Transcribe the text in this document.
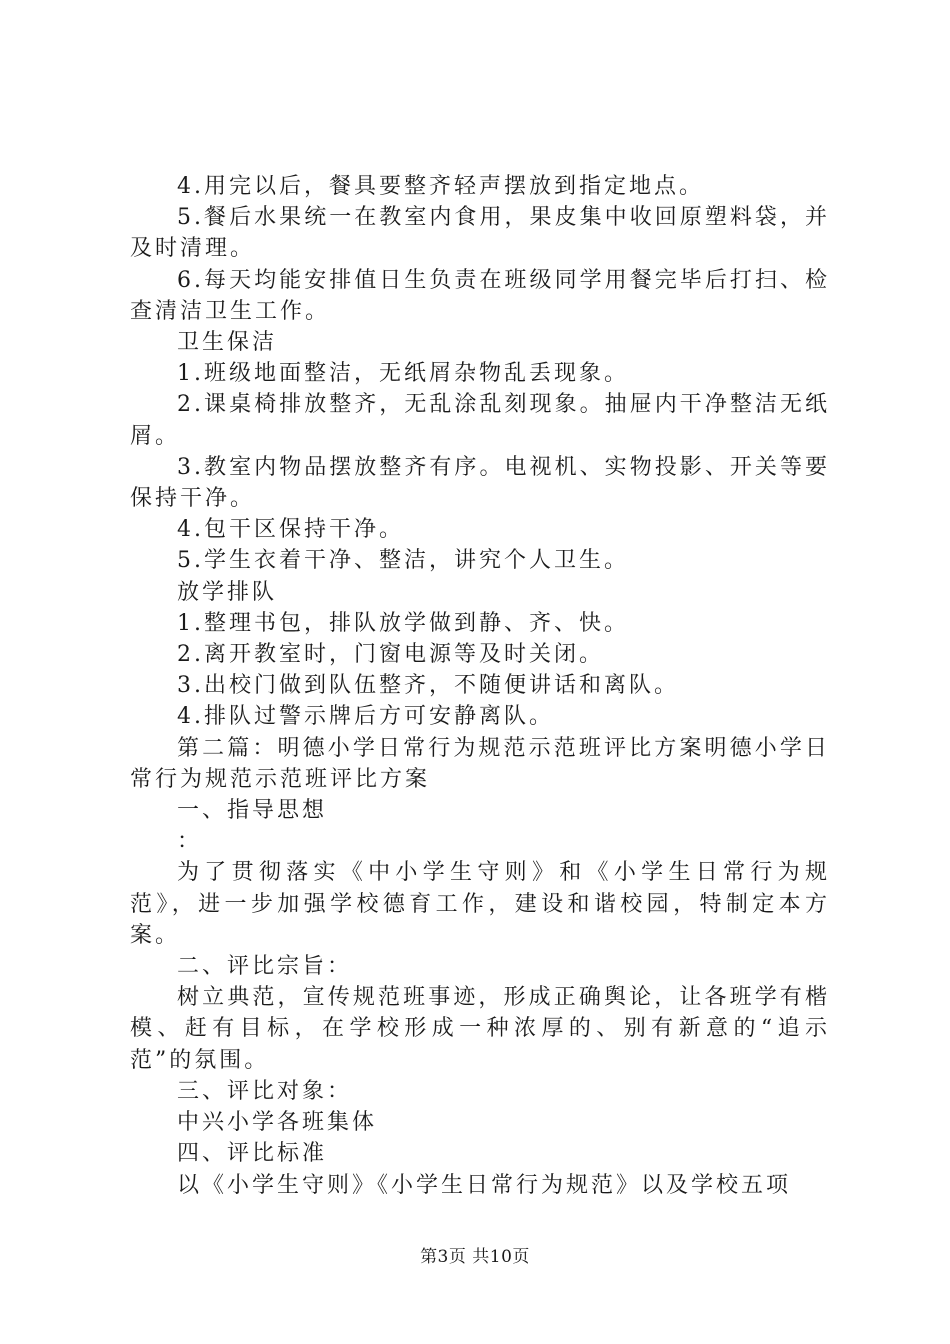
4.用完以后，餐具要整齐轻声摆放到指定地点。

5.餐后水果统一在教室内食用，果皮集中收回原塑料袋，并及时清理。

6.每天均能安排值日生负责在班级同学用餐完毕后打扫、检查清洁卫生工作。

卫生保洁

1.班级地面整洁，无纸屑杂物乱丢现象。

2.课桌椅排放整齐，无乱涂乱刻现象。抽屉内干净整洁无纸屑。

3.教室内物品摆放整齐有序。电视机、实物投影、开关等要保持干净。

4.包干区保持干净。

5.学生衣着干净、整洁，讲究个人卫生。

放学排队

1.整理书包，排队放学做到静、齐、快。

2.离开教室时，门窗电源等及时关闭。

3.出校门做到队伍整齐，不随便讲话和离队。

4.排队过警示牌后方可安静离队。

第二篇：明德小学日常行为规范示范班评比方案明德小学日常行为规范示范班评比方案

一、指导思想

：

为了贯彻落实《中小学生守则》和《小学生日常行为规范》，进一步加强学校德育工作，建设和谐校园，特制定本方案。

二、评比宗旨：

树立典范，宣传规范班事迹，形成正确舆论，让各班学有楷模、赶有目标，在学校形成一种浓厚的、别有新意的“追示范”的氛围。

三、评比对象：

中兴小学各班集体

四、评比标准

以《小学生守则》《小学生日常行为规范》以及学校五项

第3页 共10页
